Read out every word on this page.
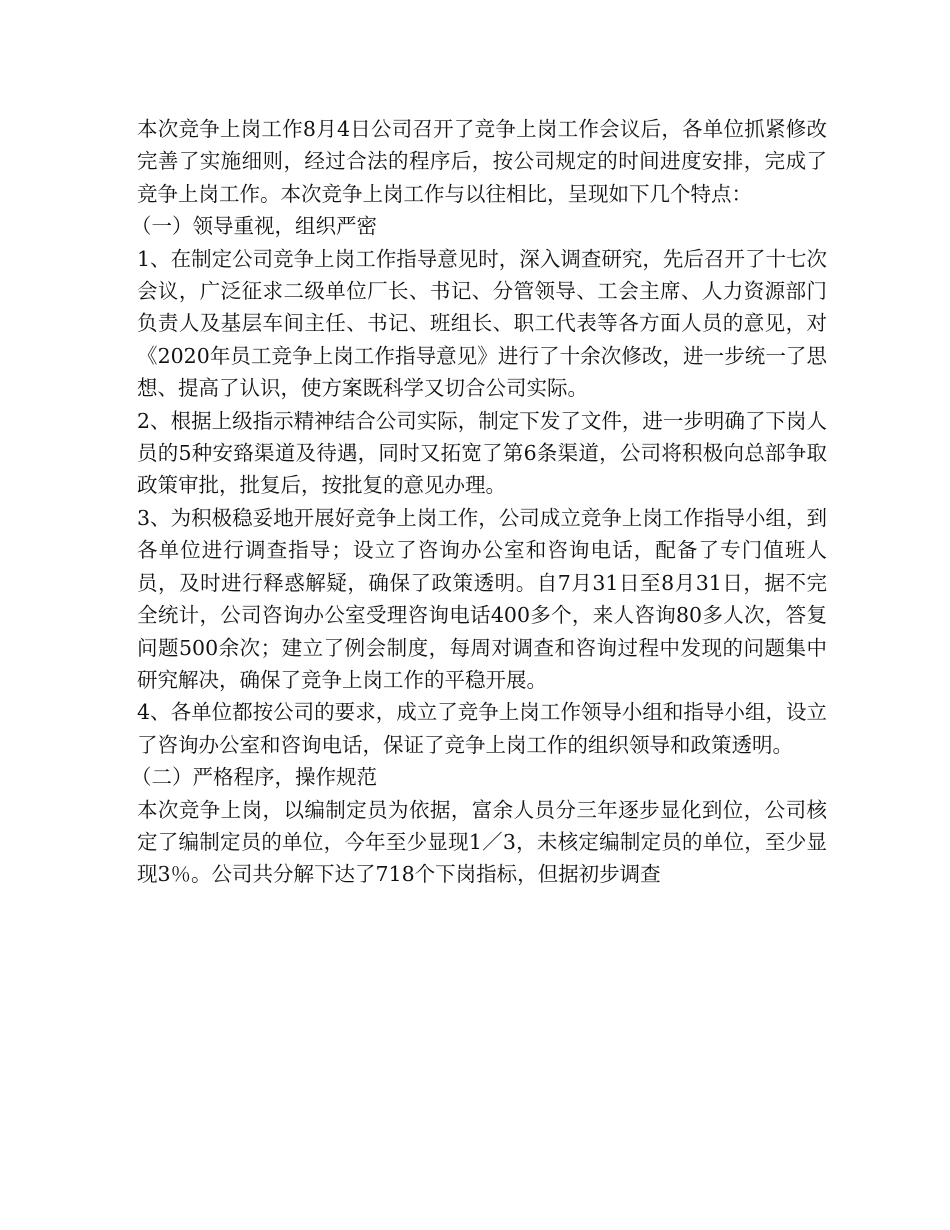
本次竞争上岗工作8月4日公司召开了竞争上岗工作会议后，各单位抓紧修改完善了实施细则，经过合法的程序后，按公司规定的时间进度安排，完成了竞争上岗工作。本次竞争上岗工作与以往相比，呈现如下几个特点：

（一）领导重视，组织严密

1、在制定公司竞争上岗工作指导意见时，深入调查研究，先后召开了十七次会议，广泛征求二级单位厂长、书记、分管领导、工会主席、人力资源部门负责人及基层车间主任、书记、班组长、职工代表等各方面人员的意见，对《2020年员工竞争上岗工作指导意见》进行了十余次修改，进一步统一了思想、提高了认识，使方案既科学又切合公司实际。

2、根据上级指示精神结合公司实际，制定下发了文件，进一步明确了下岗人员的5种安臵渠道及待遇，同时又拓宽了第6条渠道，公司将积极向总部争取政策审批，批复后，按批复的意见办理。

3、为积极稳妥地开展好竞争上岗工作，公司成立竞争上岗工作指导小组，到各单位进行调查指导；设立了咨询办公室和咨询电话，配备了专门值班人员，及时进行释惑解疑，确保了政策透明。自7月31日至8月31日，据不完全统计，公司咨询办公室受理咨询电话400多个，来人咨询80多人次，答复问题500余次；建立了例会制度，每周对调查和咨询过程中发现的问题集中研究解决，确保了竞争上岗工作的平稳开展。

4、各单位都按公司的要求，成立了竞争上岗工作领导小组和指导小组，设立了咨询办公室和咨询电话，保证了竞争上岗工作的组织领导和政策透明。

（二）严格程序，操作规范

本次竞争上岗，以编制定员为依据，富余人员分三年逐步显化到位，公司核定了编制定员的单位，今年至少显现1／3，未核定编制定员的单位，至少显现3％。公司共分解下达了718个下岗指标，但据初步调查
